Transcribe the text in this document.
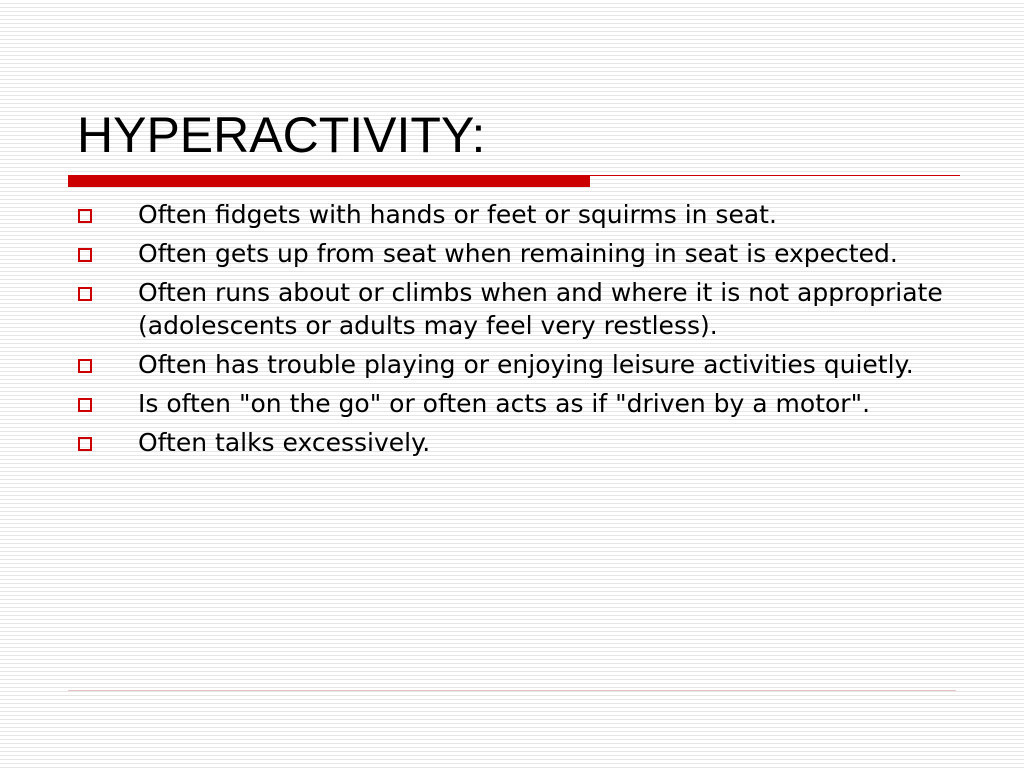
HYPERACTIVITY:
Often fidgets with hands or feet or squirms in seat.
Often gets up from seat when remaining in seat is expected.
Often runs about or climbs when and where it is not appropriate (adolescents or adults may feel very restless).
Often has trouble playing or enjoying leisure activities quietly.
Is often "on the go" or often acts as if "driven by a motor".
Often talks excessively.
